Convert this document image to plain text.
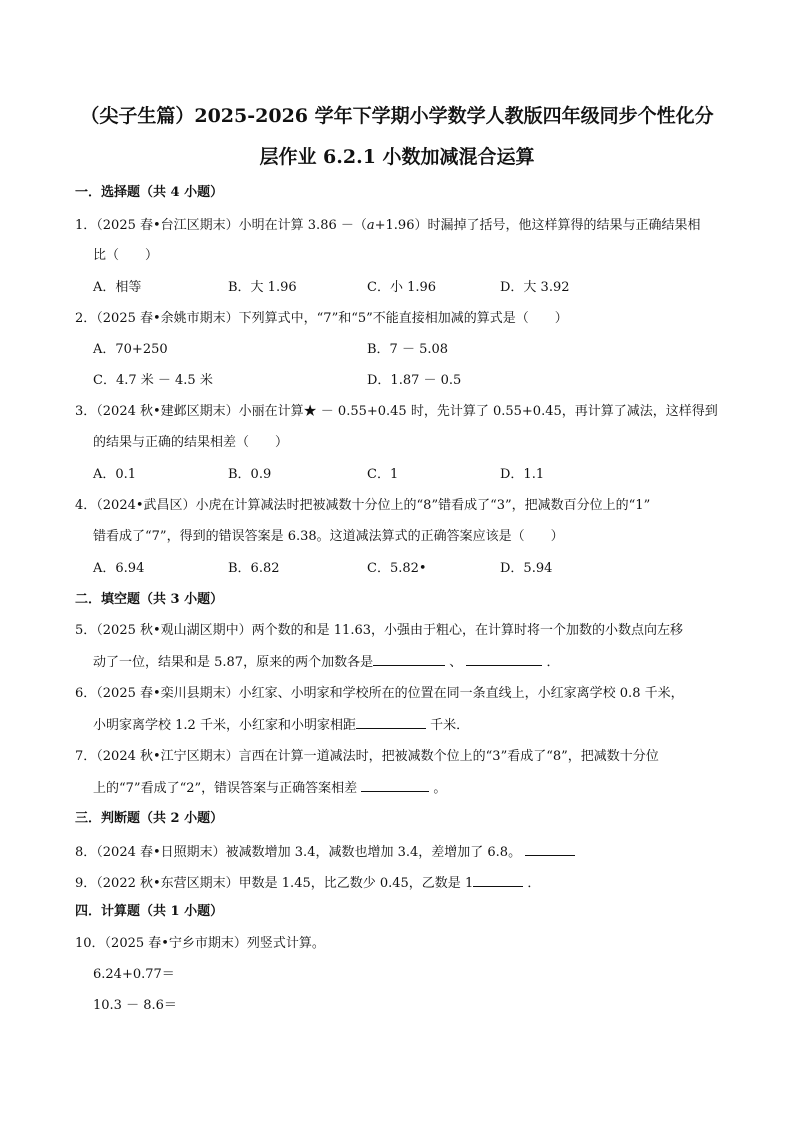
（尖子生篇）2025-2026 学年下学期小学数学人教版四年级同步个性化分
层作业 6.2.1 小数加减混合运算
一．选择题（共 4 小题）
1．（2025 春•台江区期末）小明在计算 3.86 －（a+1.96）时漏掉了括号，他这样算得的结果与正确结果相
比（　　）
A．相等	B．大 1.96	C．小 1.96	D．大 3.92
2．（2025 春•余姚市期末）下列算式中，“7”和“5”不能直接相加减的算式是（　　）
A．70+250	B．7 － 5.08
C．4.7 米 － 4.5 米	D．1.87 － 0.5
3．（2024 秋•建邺区期末）小丽在计算★ － 0.55+0.45 时，先计算了 0.55+0.45，再计算了减法，这样得到
的结果与正确的结果相差（　　）
A．0.1	B．0.9	C．1	D．1.1
4．（2024•武昌区）小虎在计算减法时把被减数十分位上的“8”错看成了“3”，把减数百分位上的“1”
错看成了“7”，得到的错误答案是 6.38。这道减法算式的正确答案应该是（　　）
A．6.94	B．6.82	C．5.82•	D．5.94
二．填空题（共 3 小题）
5．（2025 秋•观山湖区期中）两个数的和是 11.63，小强由于粗心，在计算时将一个加数的小数点向左移
动了一位，结果和是 5.87，原来的两个加数各是	、	．
6．（2025 春•栾川县期末）小红家、小明家和学校所在的位置在同一条直线上，小红家离学校 0.8 千米，
小明家离学校 1.2 千米，小红家和小明家相距	千米．
7．（2024 秋•江宁区期末）言西在计算一道减法时，把被减数个位上的“3”看成了“8”，把减数十分位
上的“7”看成了“2”，错误答案与正确答案相差	。
三．判断题（共 2 小题）
8．（2024 春•日照期末）被减数增加 3.4，减数也增加 3.4，差增加了 6.8。
9．（2022 秋•东营区期末）甲数是 1.45，比乙数少 0.45，乙数是 1	．
四．计算题（共 1 小题）
10．（2025 春•宁乡市期末）列竖式计算。
6.24+0.77＝
10.3 － 8.6＝
